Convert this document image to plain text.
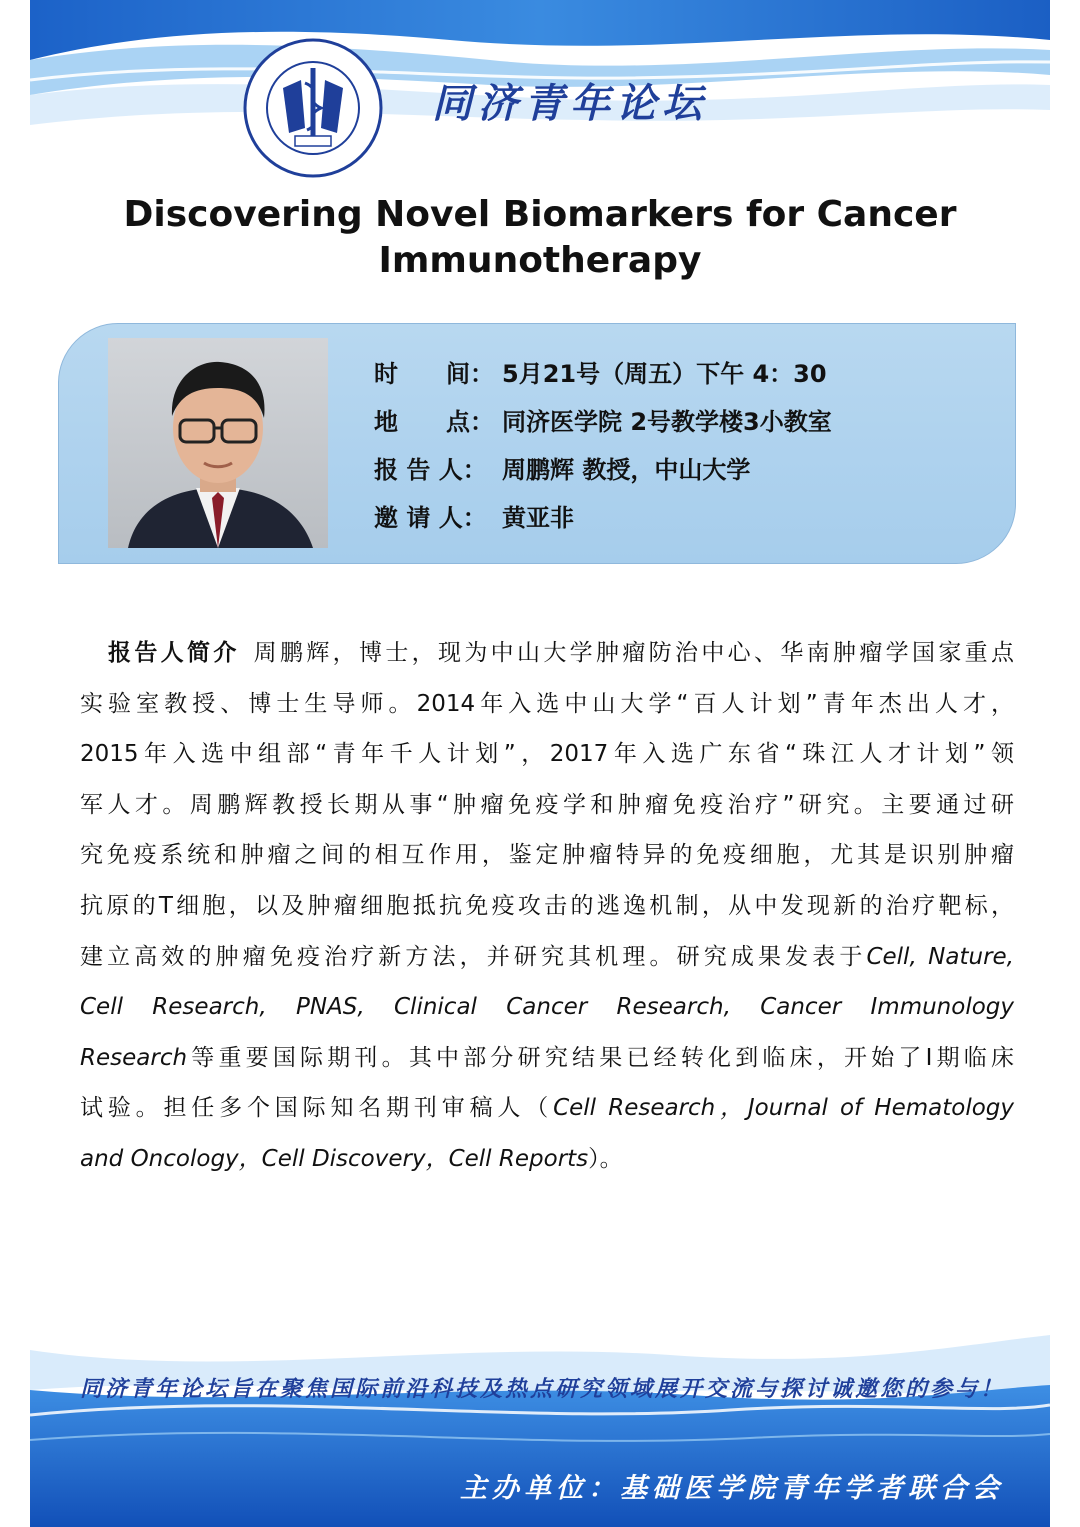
同济青年论坛
Discovering Novel Biomarkers for Cancer
Immunotherapy
时　　间： 5月21号（周五）下午 4：30
地　　点： 同济医学院 2号教学楼3小教室
报 告 人： 周鹏辉 教授，中山大学
邀 请 人： 黄亚非
报告人简介 周鹏辉，博士，现为中山大学肿瘤防治中心、华南肿瘤学国家重点
实验室教授、博士生导师。2014年入选中山大学“百人计划”青年杰出人才，
2015年入选中组部“青年千人计划”，2017年入选广东省“珠江人才计划”领
军人才。周鹏辉教授长期从事“肿瘤免疫学和肿瘤免疫治疗”研究。主要通过研
究免疫系统和肿瘤之间的相互作用，鉴定肿瘤特异的免疫细胞，尤其是识别肿瘤
抗原的T细胞，以及肿瘤细胞抵抗免疫攻击的逃逸机制，从中发现新的治疗靶标，
建立高效的肿瘤免疫治疗新方法，并研究其机理。研究成果发表于Cell, Nature,
Cell Research, PNAS, Clinical Cancer Research, Cancer Immunology
Research等重要国际期刊。其中部分研究结果已经转化到临床，开始了I期临床
试验。担任多个国际知名期刊审稿人（Cell Research，Journal of Hematology
and Oncology，Cell Discovery，Cell Reports）。
同济青年论坛旨在聚焦国际前沿科技及热点研究领域展开交流与探讨诚邀您的参与！
主办单位：基础医学院青年学者联合会
